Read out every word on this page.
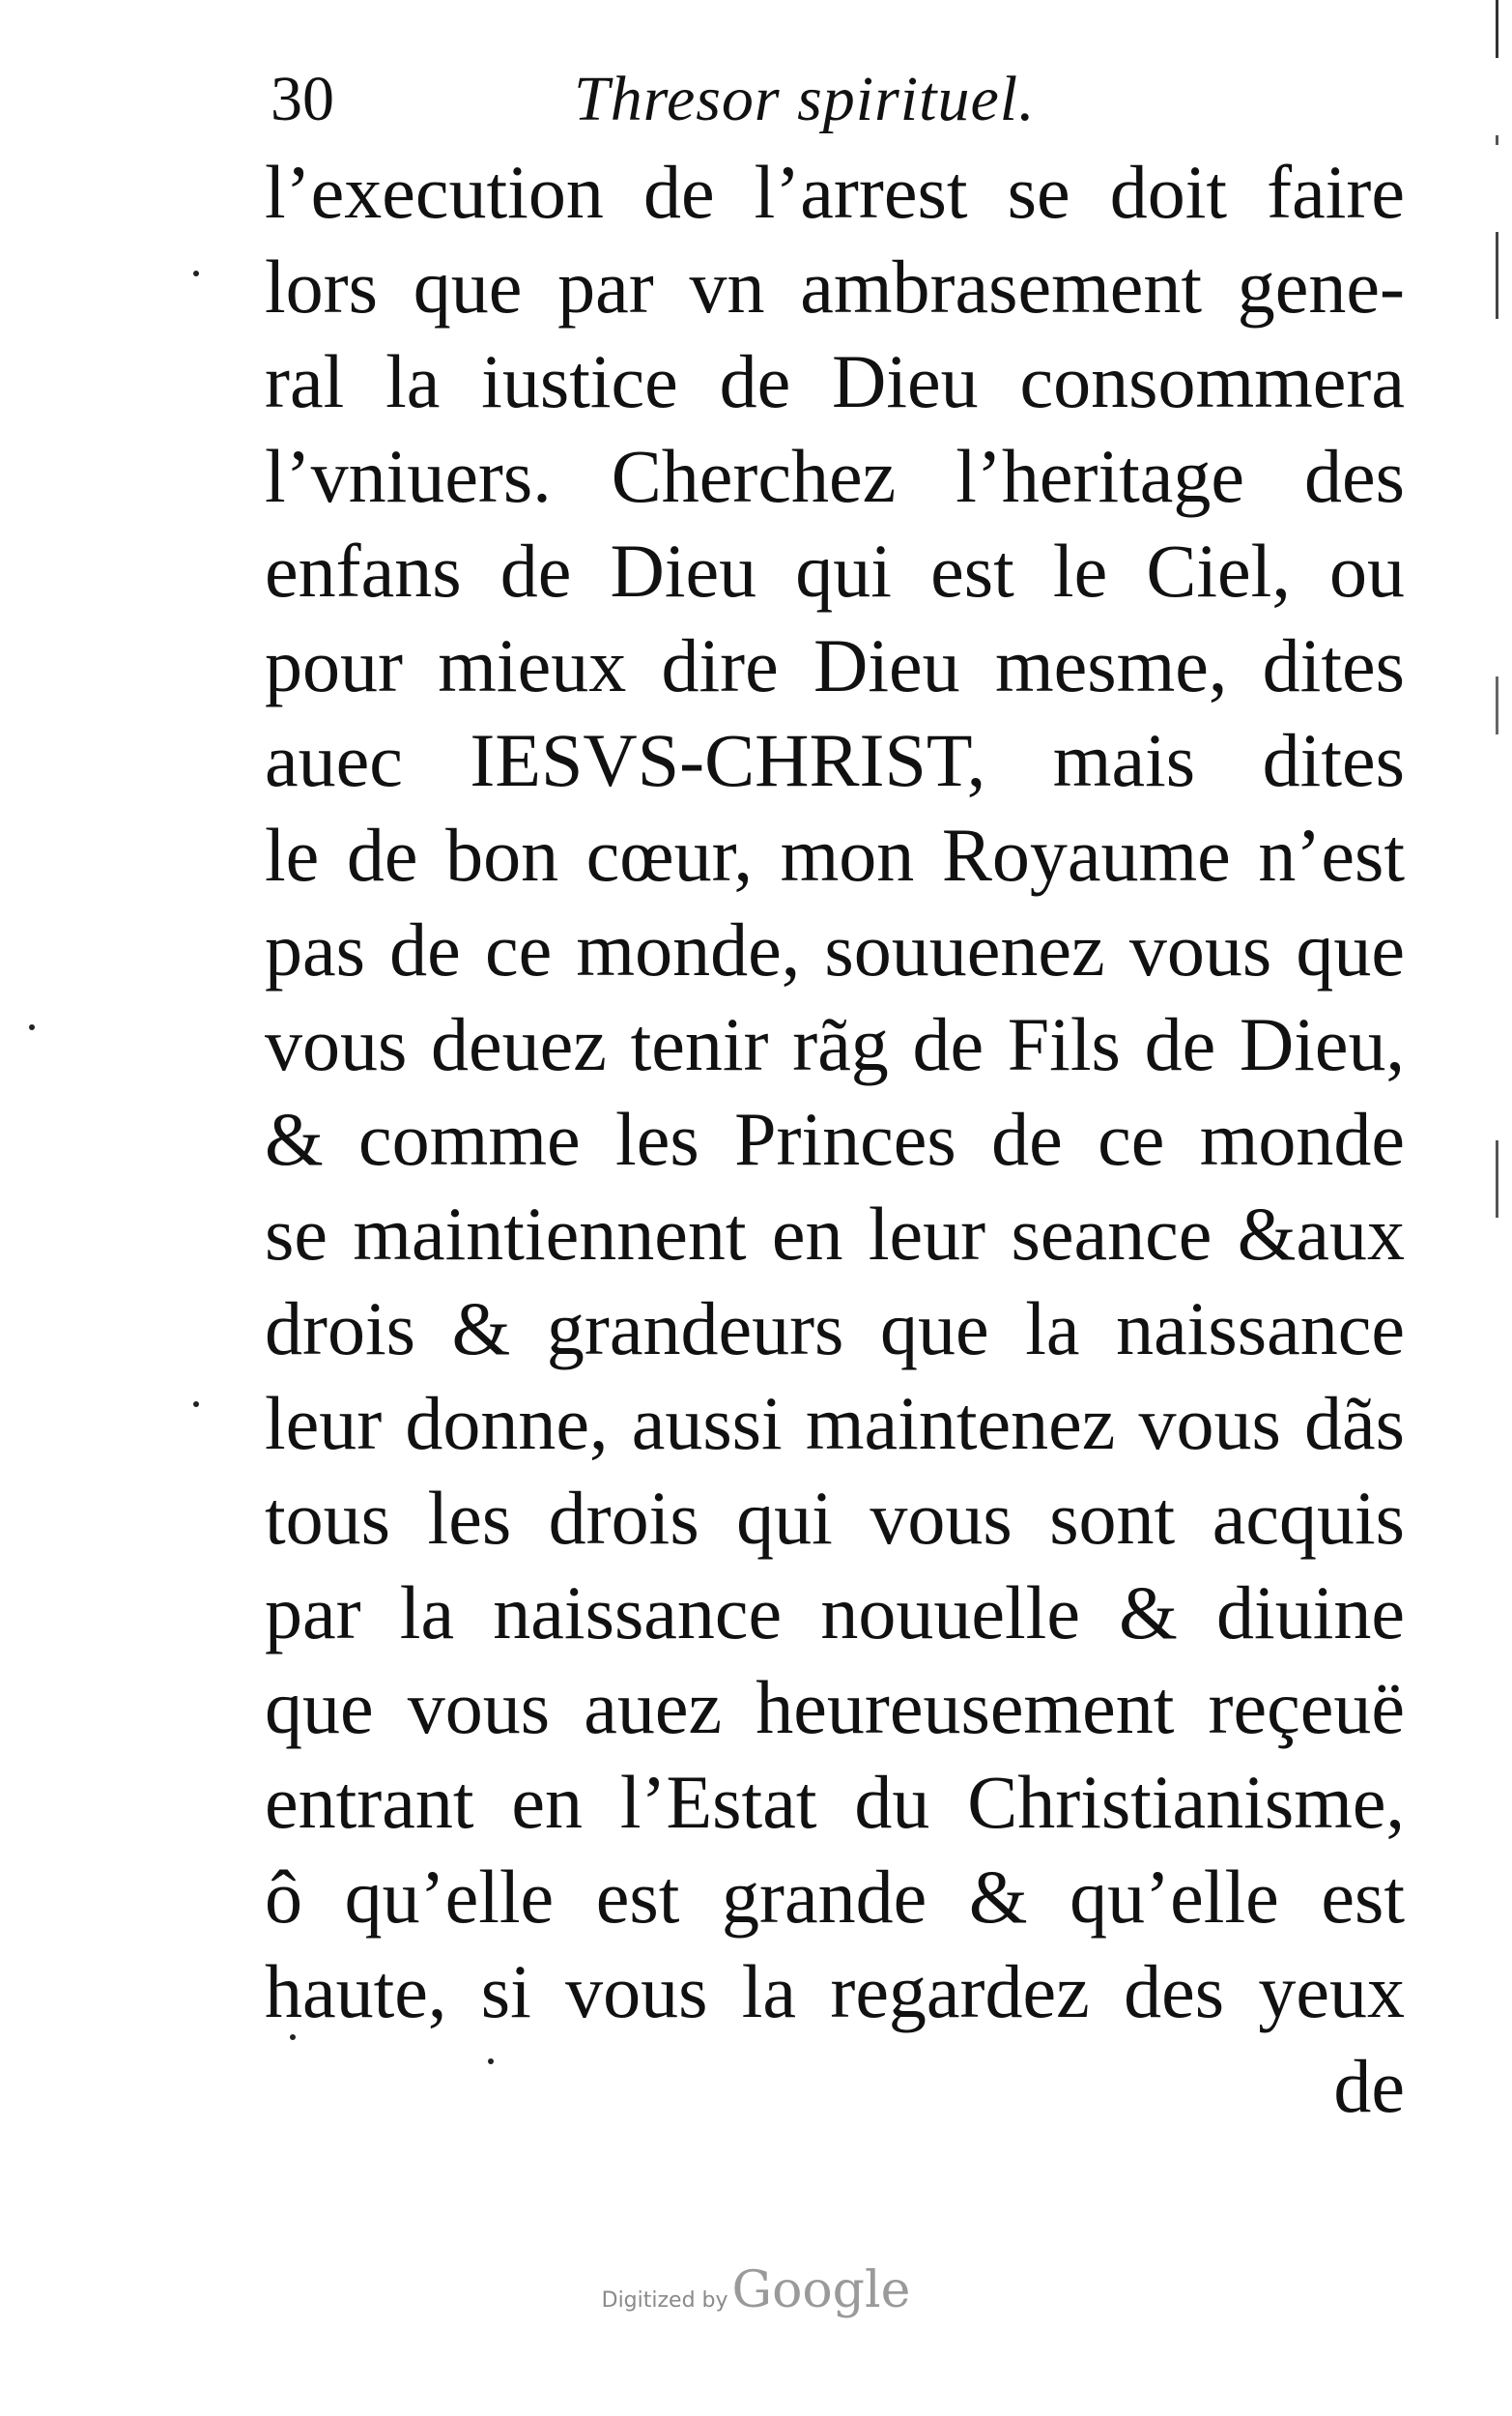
30	Thresor spirituel.
l’execution de l’arrest se doit faire
lors que par vn ambrasement gene-
ral la iustice de Dieu consommera
l’vniuers. Cherchez l’heritage des
enfans de Dieu qui est le Ciel, ou
pour mieux dire Dieu mesme, dites
auec IESVS-CHRIST, mais dites
le de bon cœur, mon Royaume n’est
pas de ce monde, souuenez vous que
vous deuez tenir rãg de Fils de Dieu,
& comme les Princes de ce monde
se maintiennent en leur seance &aux
drois & grandeurs que la naissance
leur donne, aussi maintenez vous dãs
tous les drois qui vous sont acquis
par la naissance nouuelle & diuine
que vous auez heureusement reçeuë
entrant en l’Estat du Christianisme,
ô qu’elle est grande & qu’elle est
haute, si vous la regardez des yeux
de
Digitized by Google
